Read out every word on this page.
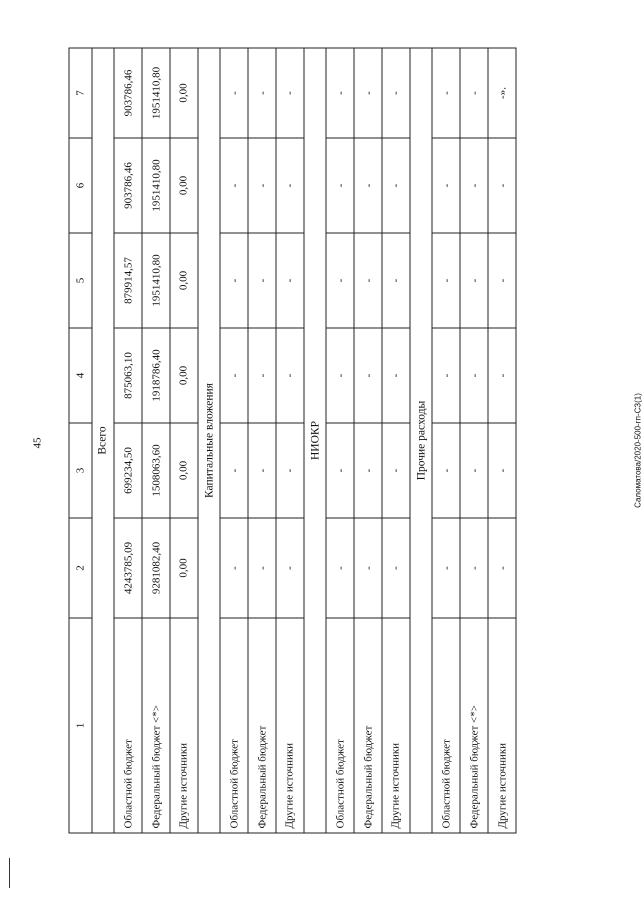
45	Саломатова/2020-500-гп-СЗ(1)
1	2	3	4	5	6	7
Всего						
Областной бюджет	4243785,09	699234,50	875063,10	879914,57	903786,46	903786,46
Федеральный бюджет <*>	9281082,40	1508063,60	1918786,40	1951410,80	1951410,80	1951410,80
Другие источники	0,00	0,00	0,00	0,00	0,00	0,00
Капитальные вложения						
Областной бюджет	-	-	-	-	-	-
Федеральный бюджет	-	-	-	-	-	-
Другие источники	-	-	-	-	-	-
НИОКР						
Областной бюджет	-	-	-	-	-	-
Федеральный бюджет	-	-	-	-	-	-
Другие источники	-	-	-	-	-	-
Прочие расходы						
Областной бюджет	-	-	-	-	-	-
Федеральный бюджет <*>	-	-	-	-	-	-
Другие источники	-	-	-	-	-	-».
